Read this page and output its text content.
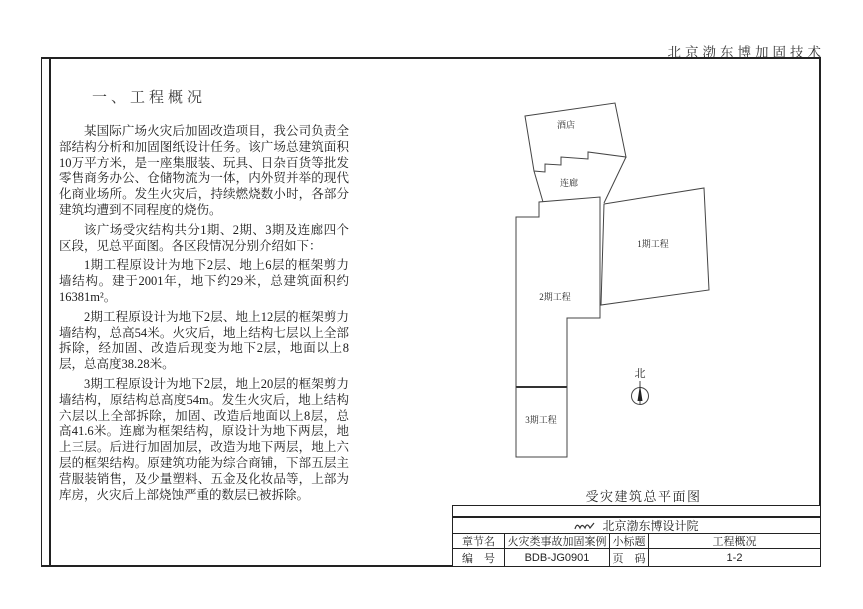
北京渤东博加固技术
一、工程概况

某国际广场火灾后加固改造项目，我公司负责全部结构分析和加固图纸设计任务。该广场总建筑面积10万平方米，是一座集服装、玩具、日杂百货等批发零售商务办公、仓储物流为一体，内外贸并举的现代化商业场所。发生火灾后，持续燃烧数小时，各部分建筑均遭到不同程度的烧伤。

该广场受灾结构共分1期、2期、3期及连廊四个区段，见总平面图。各区段情况分别介绍如下：

1期工程原设计为地下2层、地上6层的框架剪力墙结构。建于2001年，地下约29米，总建筑面积约16381m²。

2期工程原设计为地下2层、地上12层的框架剪力墙结构，总高54米。火灾后，地上结构七层以上全部拆除，经加固、改造后现变为地下2层，地面以上8层，总高度38.28米。

3期工程原设计为地下2层，地上20层的框架剪力墙结构，原结构总高度54m。发生火灾后，地上结构六层以上全部拆除，加固、改造后地面以上8层，总高41.6米。连廊为框架结构，原设计为地下两层，地上三层。后进行加固加层，改造为地下两层，地上六层的框架结构。原建筑功能为综合商铺，下部五层主营服装销售，及少量塑料、五金及化妆品等，上部为库房，火灾后上部烧蚀严重的数层已被拆除。

酒店
连廊
1期工程
2期工程
3期工程
北
受灾建筑总平面图
北京渤东博设计院
章节名	火灾类事故加固案例 小标题	工程概况
编　号	BDB-JG0901	页　码	1-2
